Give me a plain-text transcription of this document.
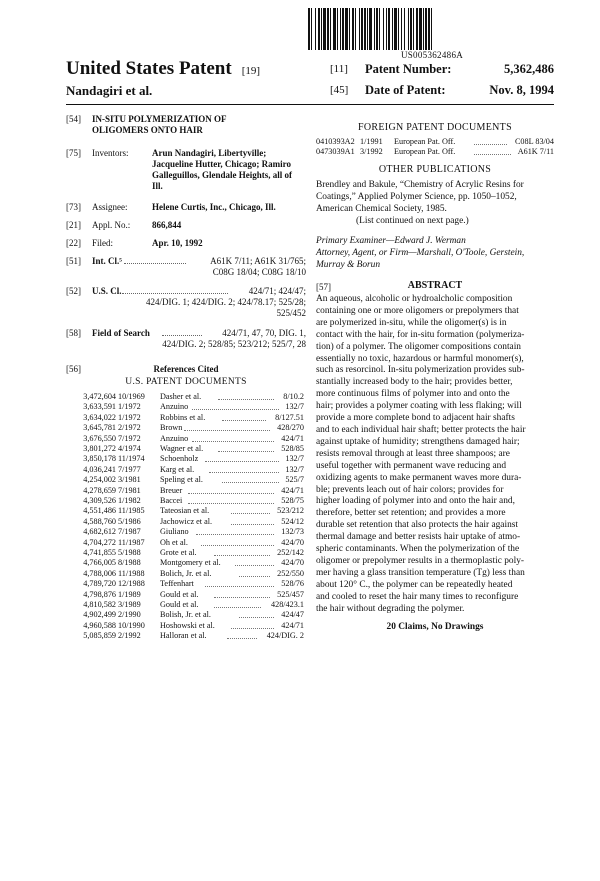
US005362486A
United States Patent [19]
Nandagiri et al.
[11] Patent Number:	5,362,486
[45] Date of Patent:	Nov. 8, 1994
[54] IN-SITU POLYMERIZATION OF
OLIGOMERS ONTO HAIR
[75] Inventors:	Arun Nandagiri, Libertyville;
Jacqueline Hutter, Chicago; Ramiro
Galleguillos, Glendale Heights, all of
Ill.
[73] Assignee:	Helene Curtis, Inc., Chicago, Ill.
[21] Appl. No.: 866,844
[22] Filed:	Apr. 10, 1992
[51] Int. Cl.⁵	A61K 7/11; A61K 31/765;
C08G 18/04; C08G 18/10
[52] U.S. Cl.	424/71; 424/47;
424/DIG. 1; 424/DIG. 2; 424/78.17; 525/28;
525/452
[58] Field of Search	424/71, 47, 70, DIG. 1,
424/DIG. 2; 528/85; 523/212; 525/7, 28
[56]	References Cited
U.S. PATENT DOCUMENTS
3,472,604 10/1969 Dasher et al.	8/10.2
3,633,591 1/1972 Anzuino	132/7
3,634,022 1/1972 Robbins et al.	8/127.51
3,645,781 2/1972 Brown	428/270
3,676,550 7/1972 Anzuino	424/71
3,801,272 4/1974 Wagner et al.	528/85
3,850,178 11/1974 Schoenholz	132/7
4,036,241 7/1977 Karg et al.	132/7
4,254,002 3/1981 Speling et al.	525/7
4,278,659 7/1981 Breuer	424/71
4,309,526 1/1982 Baccei	528/75
4,551,486 11/1985 Tateosian et al.	523/212
4,588,760 5/1986 Jachowicz et al.	524/12
4,682,612 7/1987 Giuliano	132/73
4,704,272 11/1987 Oh et al.	424/70
4,741,855 5/1988 Grote et al.	252/142
4,766,005 8/1988 Montgomery et al.	424/70
4,788,006 11/1988 Bolich, Jr. et al.	252/550
4,789,720 12/1988 Teffenhart	528/76
4,798,876 1/1989 Gould et al.	525/457
4,810,582 3/1989 Gould et al.	428/423.1
4,902,499 2/1990 Bolish, Jr. et al.	424/47
4,960,588 10/1990 Hoshowski et al.	424/71
5,085,859 2/1992 Halloran et al.	424/DIG. 2
FOREIGN PATENT DOCUMENTS
0410393A2 1/1991 European Pat. Off.	C08L 83/04
0473039A1 3/1992 European Pat. Off.	A61K 7/11
OTHER PUBLICATIONS
Brendley and Bakule, “Chemistry of Acrylic Resins for
Coatings,” Applied Polymer Science, pp. 1050–1052,
American Chemical Society, 1985.
(List continued on next page.)
Primary Examiner—Edward J. Werman
Attorney, Agent, or Firm—Marshall, O'Toole, Gerstein,
Murray & Borun
[57]	ABSTRACT
An aqueous, alcoholic or hydroalcholic composition
containing one or more oligomers or prepolymers that
are polymerized in-situ, while the oligomer(s) is in
contact with the hair, for in-situ formation (polymeriza-
tion) of a polymer. The oligomer compositions contain
essentially no toxic, hazardous or harmful monomer(s),
such as resorcinol. In-situ polymerization provides sub-
stantially increased body to the hair; provides better,
more continuous films of polymer into and onto the
hair; provides a polymer coating with less flaking; will
provide a more complete bond to adjacent hair shafts
and to each individual hair shaft; better protects the hair
against uptake of humidity; strengthens damaged hair;
resists removal through at least three shampoos; are
useful together with permanent wave reducing and
oxidizing agents to make permanent waves more dura-
ble; prevents leach out of hair colors; provides for
higher loading of polymer into and onto the hair and,
therefore, better set retention; and provides a more
durable set retention that also protects the hair against
thermal damage and better resists hair uptake of atmo-
spheric contaminants. When the polymerization of the
oligomer or prepolymer results in a thermoplastic poly-
mer having a glass transition temperature (Tg) less than
about 120° C., the polymer can be repeatedly heated
and cooled to reset the hair many times to reconfigure
the hair without degrading the polymer.
20 Claims, No Drawings
